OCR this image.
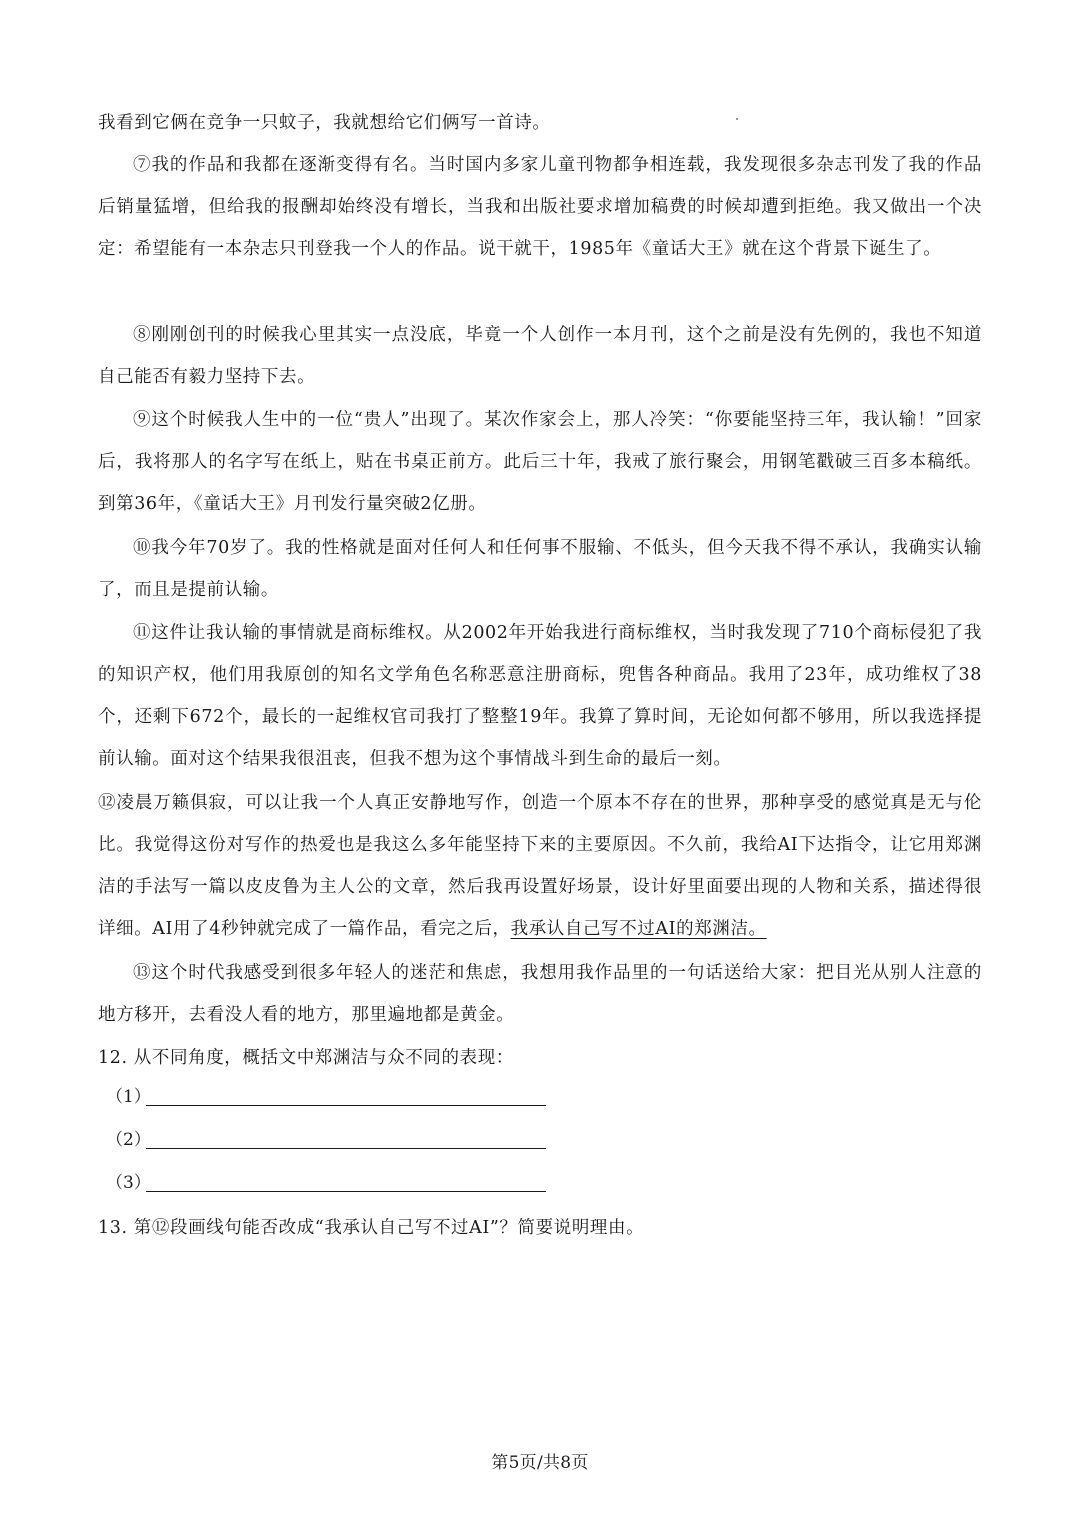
我看到它俩在竞争一只蚊子，我就想给它们俩写一首诗。
⑦我的作品和我都在逐渐变得有名。当时国内多家儿童刊物都争相连载，我发现很多杂志刊发了我的作品后销量猛增，但给我的报酬却始终没有增长，当我和出版社要求增加稿费的时候却遭到拒绝。我又做出一个决定：希望能有一本杂志只刊登我一个人的作品。说干就干，1985年《童话大王》就在这个背景下诞生了。
⑧刚刚创刊的时候我心里其实一点没底，毕竟一个人创作一本月刊，这个之前是没有先例的，我也不知道自己能否有毅力坚持下去。
⑨这个时候我人生中的一位“贵人”出现了。某次作家会上，那人冷笑：“你要能坚持三年，我认输！”回家后，我将那人的名字写在纸上，贴在书桌正前方。此后三十年，我戒了旅行聚会，用钢笔戳破三百多本稿纸。到第36年，《童话大王》月刊发行量突破2亿册。
⑩我今年70岁了。我的性格就是面对任何人和任何事不服输、不低头，但今天我不得不承认，我确实认输了，而且是提前认输。
⑪这件让我认输的事情就是商标维权。从2002年开始我进行商标维权，当时我发现了710个商标侵犯了我的知识产权，他们用我原创的知名文学角色名称恶意注册商标，兜售各种商品。我用了23年，成功维权了38个，还剩下672个，最长的一起维权官司我打了整整19年。我算了算时间，无论如何都不够用，所以我选择提前认输。面对这个结果我很沮丧，但我不想为这个事情战斗到生命的最后一刻。
⑫凌晨万籁俱寂，可以让我一个人真正安静地写作，创造一个原本不存在的世界，那种享受的感觉真是无与伦比。我觉得这份对写作的热爱也是我这么多年能坚持下来的主要原因。不久前，我给AI下达指令，让它用郑渊洁的手法写一篇以皮皮鲁为主人公的文章，然后我再设置好场景，设计好里面要出现的人物和关系，描述得很详细。AI用了4秒钟就完成了一篇作品，看完之后，我承认自己写不过AI的郑渊洁。
⑬这个时代我感受到很多年轻人的迷茫和焦虑，我想用我作品里的一句话送给大家：把目光从别人注意的地方移开，去看没人看的地方，那里遍地都是黄金。
12. 从不同角度，概括文中郑渊洁与众不同的表现：
（1）
（2）
（3）
13. 第⑫段画线句能否改成“我承认自己写不过AI”？简要说明理由。
第5页/共8页
